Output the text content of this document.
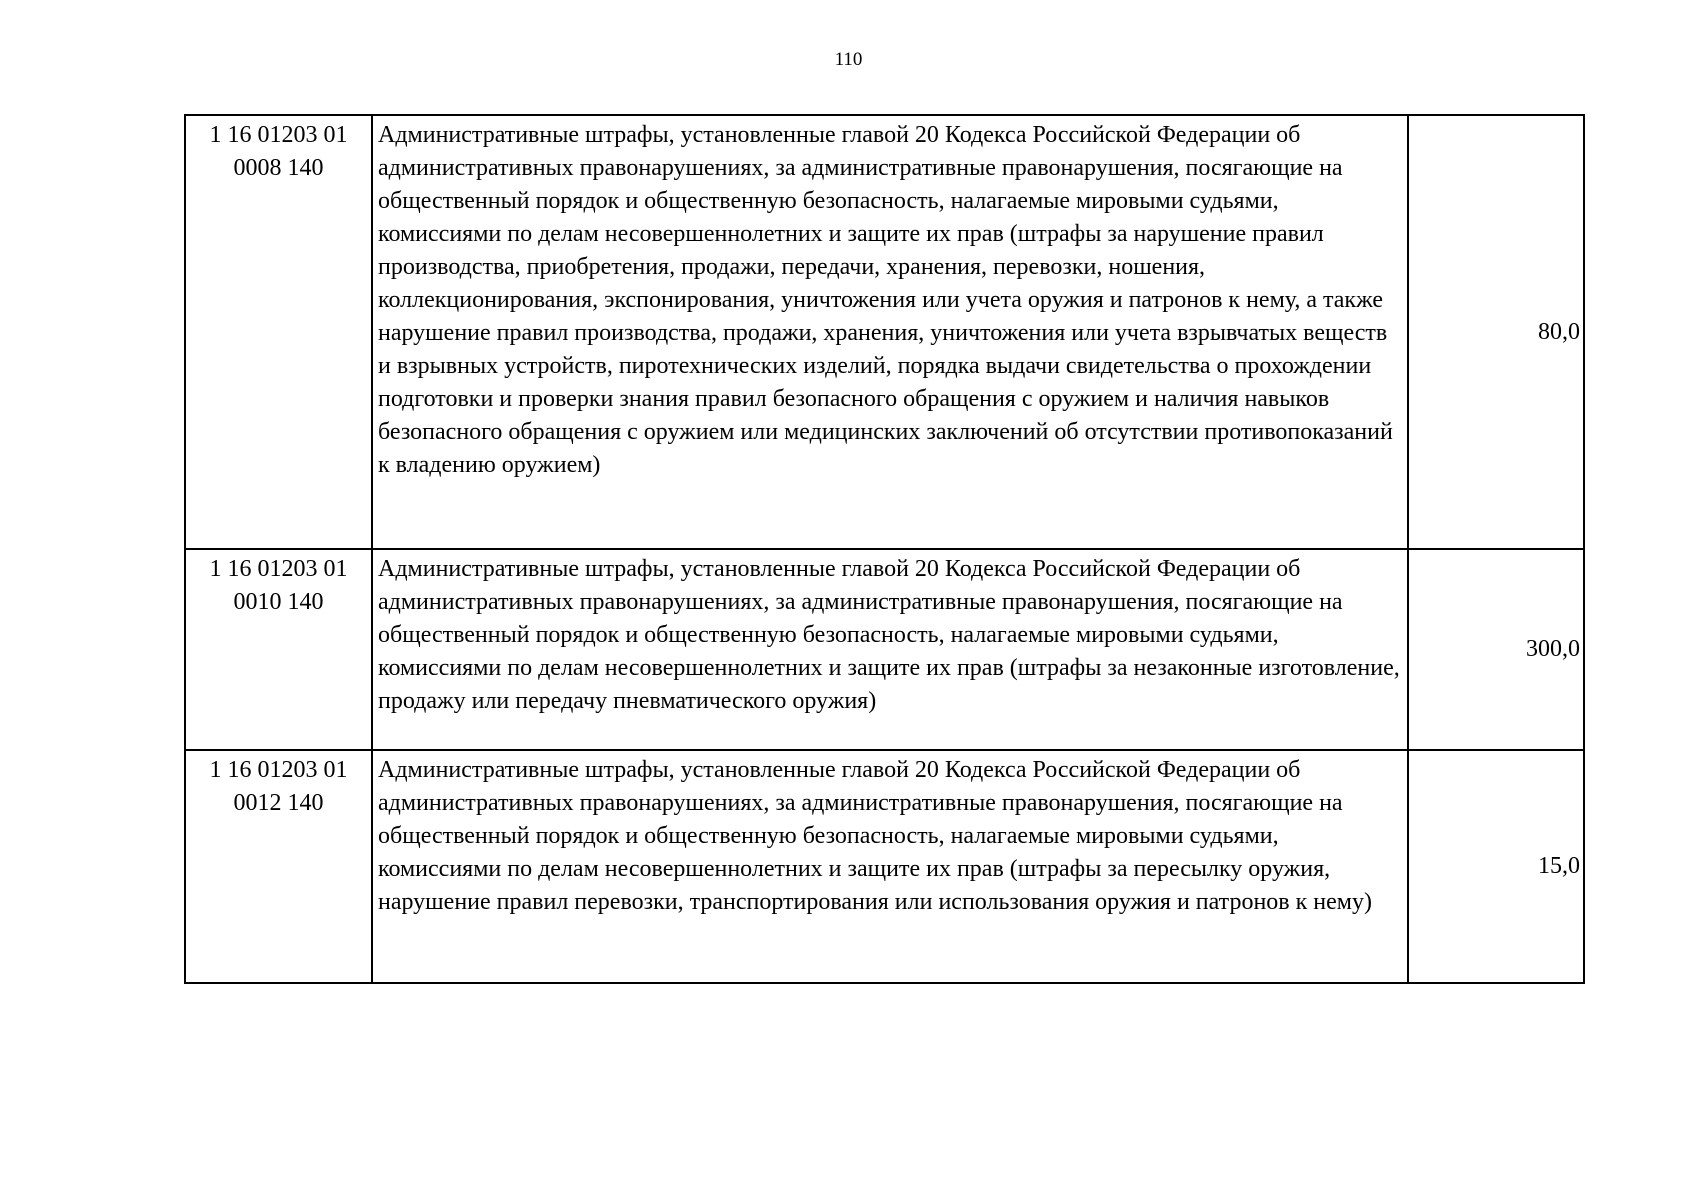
110
1 16 01203 01
0008 140	Административные штрафы, установленные главой 20 Кодекса Российской Федерации об административных правонарушениях, за административные правонарушения, посягающие на общественный порядок и общественную безопасность, налагаемые мировыми судьями, комиссиями по делам несовершеннолетних и защите их прав (штрафы за нарушение правил производства, приобретения, продажи, передачи, хранения, перевозки, ношения, коллекционирования, экспонирования, уничтожения или учета оружия и патронов к нему, а также нарушение правил производства, продажи, хранения, уничтожения или учета взрывчатых веществ и взрывных устройств, пиротехнических изделий, порядка выдачи свидетельства о прохождении подготовки и проверки знания правил безопасного обращения с оружием и наличия навыков безопасного обращения с оружием или медицинских заключений об отсутствии противопоказаний к владению оружием)	80,0

1 16 01203 01
0010 140	Административные штрафы, установленные главой 20 Кодекса Российской Федерации об административных правонарушениях, за административные правонарушения, посягающие на общественный порядок и общественную безопасность, налагаемые мировыми судьями, комиссиями по делам несовершеннолетних и защите их прав (штрафы за незаконные изготовление, продажу или передачу пневматического оружия)	300,0

1 16 01203 01
0012 140	Административные штрафы, установленные главой 20 Кодекса Российской Федерации об административных правонарушениях, за административные правонарушения, посягающие на общественный порядок и общественную безопасность, налагаемые мировыми судьями, комиссиями по делам несовершеннолетних и защите их прав (штрафы за пересылку оружия, нарушение правил перевозки, транспортирования или использования оружия и патронов к нему)	15,0
